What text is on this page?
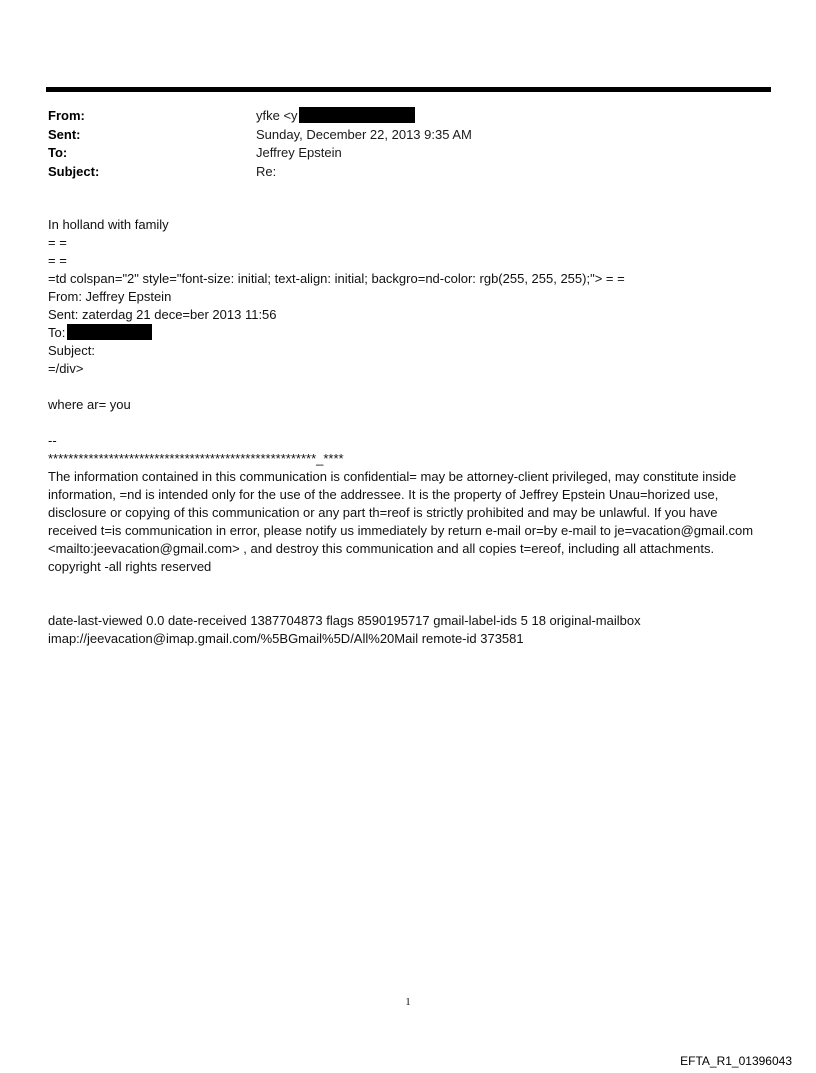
From:	yfke <y
Sent:	Sunday, December 22, 2013 9:35 AM
To:	Jeffrey Epstein
Subject:	Re:

In holland with family

= =

= =

=td colspan="2" style="font-size: initial; text-align: initial; backgro=nd-color: rgb(255, 255, 255);"> = =

From: Jeffrey Epstein

Sent: zaterdag 21 dece=ber 2013 11:56

To:

Subject:

=/div>

where ar= you

--

*****************************************************_****

The information contained in this communication is confidential= may be attorney-client privileged, may constitute inside information, =nd is intended only for the use of the addressee. It is the property of Jeffrey Epstein Unau=horized use, disclosure or copying of this communication or any part th=reof is strictly prohibited and may be unlawful. If you have received t=is communication in error, please notify us immediately by return e-mail or=by e-mail to je=vacation@gmail.com <mailto:jeevacation@gmail.com> , and destroy this communication and all copies t=ereof, including all attachments. copyright -all rights reserved

date-last-viewed 0.0 date-received 1387704873 flags 8590195717 gmail-label-ids 5 18 original-mailbox imap://jeevacation@imap.gmail.com/%5BGmail%5D/All%20Mail remote-id 373581

1
EFTA_R1_01396043
